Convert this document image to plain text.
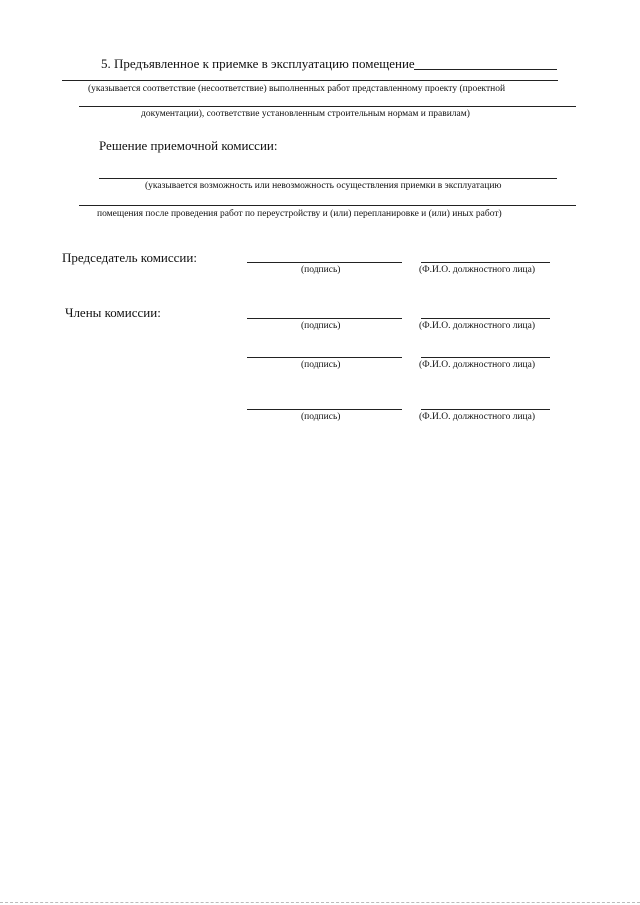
5. Предъявленное к приемке в эксплуатацию помещение
(указывается соответствие (несоответствие) выполненных работ представленному проекту (проектной
документации), соответствие установленным строительным нормам и правилам)
Решение приемочной комиссии:
(указывается возможность или невозможность осуществления приемки в эксплуатацию
помещения после проведения работ по переустройству и (или) перепланировке и (или) иных работ)
Председатель комиссии:
(подпись)	(Ф.И.О. должностного лица)
Члены комиссии:
(подпись)	(Ф.И.О. должностного лица)
(подпись)	(Ф.И.О. должностного лица)
(подпись)	(Ф.И.О. должностного лица)
